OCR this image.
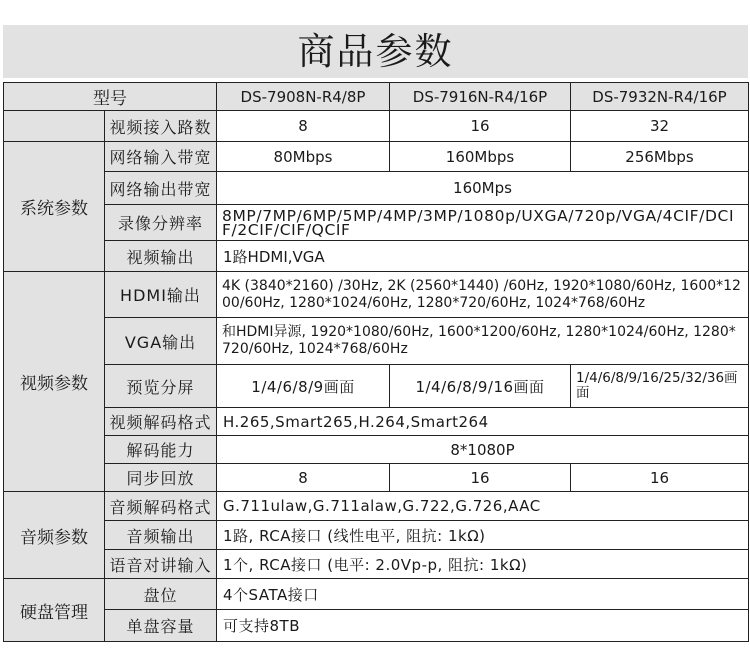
商品参数
型号		DS-7908N-R4/8P	DS-7916N-R4/16P	DS-7932N-R4/16P
	视频接入路数	8	16	32
系统参数	网络输入带宽	80Mbps	160Mbps	256Mbps
	网络输出带宽	160Mps		
	录像分辨率	8MP/7MP/6MP/5MP/4MP/3MP/1080p/UXGA/720p/VGA/4CIF/DCIF/2CIF/CIF/QCIF		
	视频输出	1路HDMI,VGA		
视频参数	HDMI输出	4K (3840*2160) /30Hz, 2K (2560*1440) /60Hz, 1920*1080/60Hz, 1600*1200/60Hz, 1280*1024/60Hz, 1280*720/60Hz, 1024*768/60Hz		
	VGA输出	和HDMI异源, 1920*1080/60Hz, 1600*1200/60Hz, 1280*1024/60Hz, 1280*720/60Hz, 1024*768/60Hz		
	预览分屏	1/4/6/8/9画面	1/4/6/8/9/16画面	1/4/6/8/9/16/25/32/36画面
	视频解码格式	H.265,Smart265,H.264,Smart264		
	解码能力	8*1080P		
	同步回放	8	16	16
音频参数	音频解码格式	G.711ulaw,G.711alaw,G.722,G.726,AAC		
	音频输出	1路, RCA接口 (线性电平, 阻抗: 1kΩ)		
	语音对讲输入	1个, RCA接口 (电平: 2.0Vp-p, 阻抗: 1kΩ)		
硬盘管理	盘位	4个SATA接口		
	单盘容量	可支持8TB		
